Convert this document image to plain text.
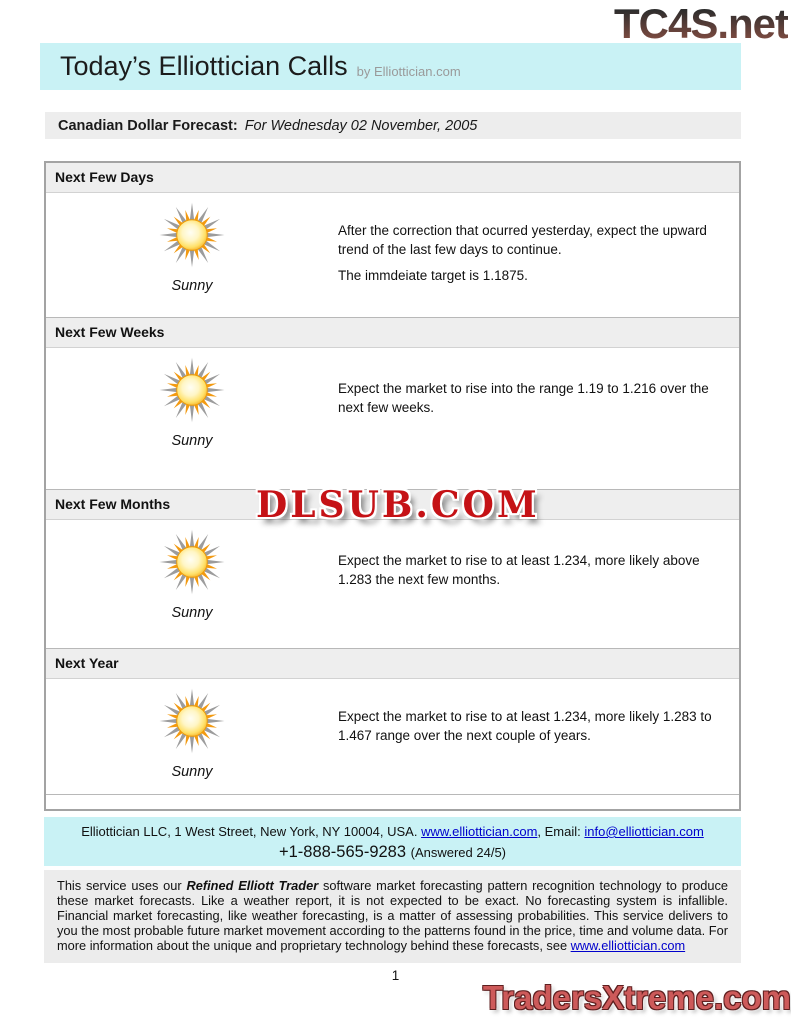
TC4S.net
Today’s Elliottician Calls by Elliottician.com
Canadian Dollar Forecast: For Wednesday 02 November, 2005
Next Few Days
Sunny
After the correction that ocurred yesterday, expect the upward trend of the last few days to continue.
The immdeiate target is 1.1875.
Next Few Weeks
Sunny
Expect the market to rise into the range 1.19 to 1.216 over the next few weeks.
Next Few Months
Sunny
Expect the market to rise to at least 1.234, more likely above 1.283 the next few months.
Next Year
Sunny
Expect the market to rise to at least 1.234, more likely 1.283 to 1.467 range over the next couple of years.
DLSUB.COM
Elliottician LLC, 1 West Street, New York, NY 10004, USA. www.elliottician.com, Email: info@elliottician.com
+1-888-565-9283 (Answered 24/5)
This service uses our Refined Elliott Trader software market forecasting pattern recognition technology to produce these market forecasts. Like a weather report, it is not expected to be exact. No forecasting system is infallible. Financial market forecasting, like weather forecasting, is a matter of assessing probabilities. This service delivers to you the most probable future market movement according to the patterns found in the price, time and volume data. For more information about the unique and proprietary technology behind these forecasts, see www.elliottician.com
1
TradersXtreme.com
